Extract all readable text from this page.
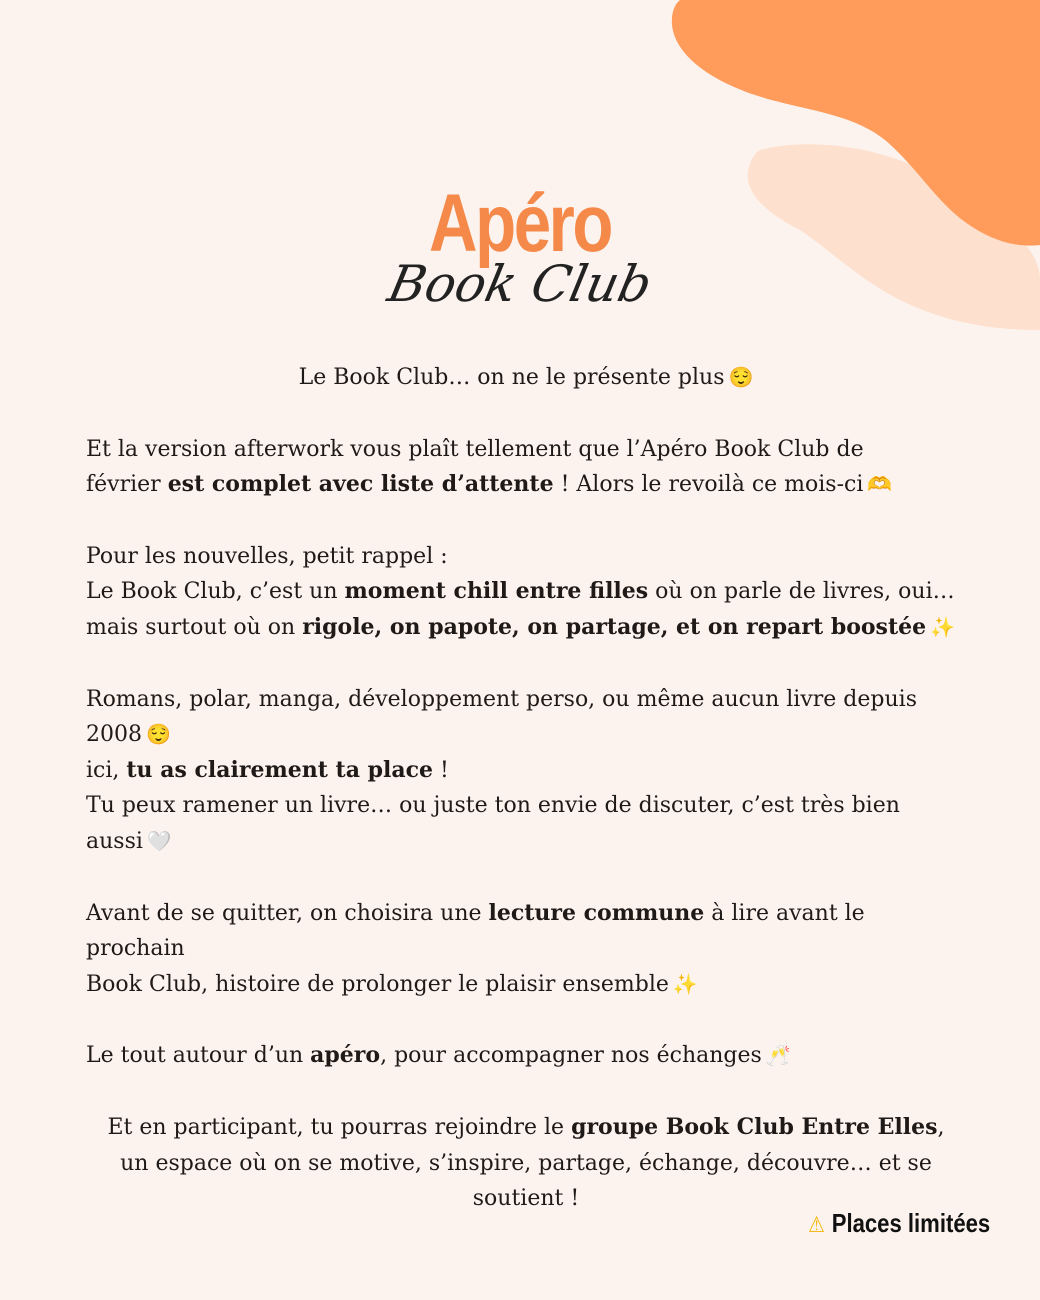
Apéro
Book Club
Le Book Club… on ne le présente plus 😌
Et la version afterwork vous plaît tellement que l’Apéro Book Club de
février est complet avec liste d’attente ! Alors le revoilà ce mois-ci 🫶
Pour les nouvelles, petit rappel :
Le Book Club, c’est un moment chill entre filles où on parle de livres, oui…
mais surtout où on rigole, on papote, on partage, et on repart boostée ✨
Romans, polar, manga, développement perso, ou même aucun livre depuis
2008 😌
ici, tu as clairement ta place !
Tu peux ramener un livre… ou juste ton envie de discuter, c’est très bien
aussi 🤍
Avant de se quitter, on choisira une lecture commune à lire avant le prochain
Book Club, histoire de prolonger le plaisir ensemble ✨
Le tout autour d’un apéro, pour accompagner nos échanges 🥂
Et en participant, tu pourras rejoindre le groupe Book Club Entre Elles,
un espace où on se motive, s’inspire, partage, échange, découvre… et se
soutient !
⚠ Places limitées
